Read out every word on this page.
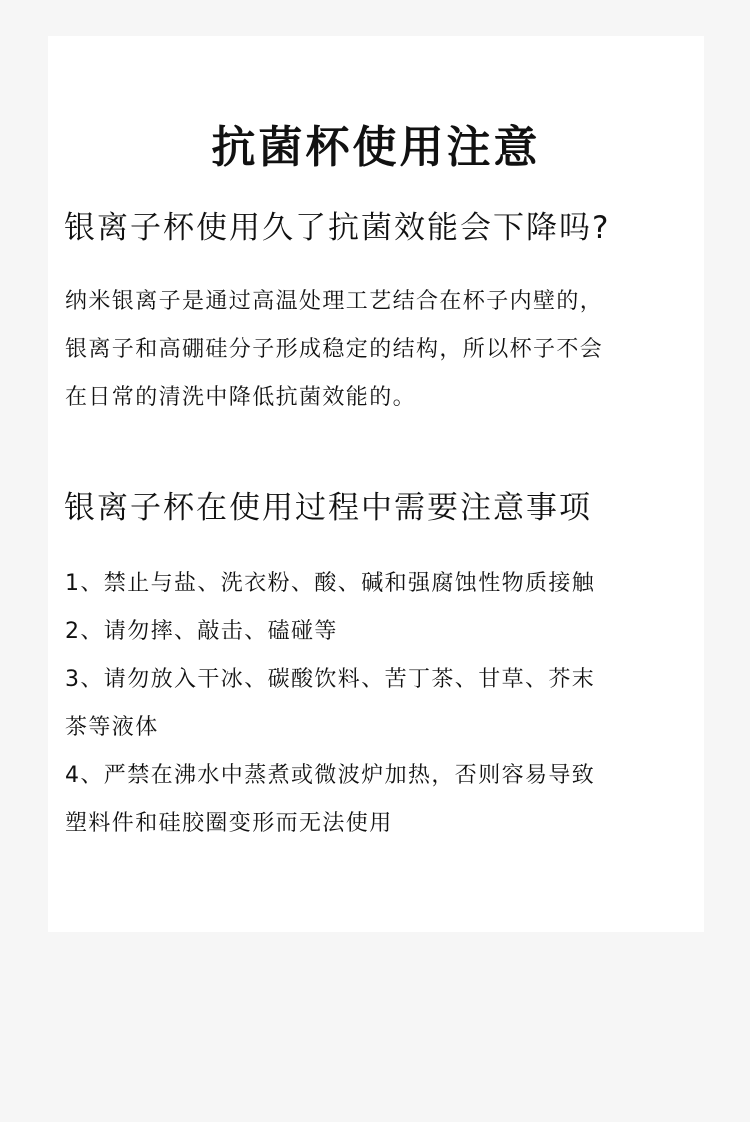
抗菌杯使用注意
银离子杯使用久了抗菌效能会下降吗?

纳米银离子是通过高温处理工艺结合在杯子内壁的，
银离子和高硼硅分子形成稳定的结构，所以杯子不会
在日常的清洗中降低抗菌效能的。

银离子杯在使用过程中需要注意事项
1、禁止与盐、洗衣粉、酸、碱和强腐蚀性物质接触
2、请勿摔、敲击、磕碰等
3、请勿放入干冰、碳酸饮料、苦丁茶、甘草、芥末
茶等液体
4、严禁在沸水中蒸煮或微波炉加热，否则容易导致
塑料件和硅胶圈变形而无法使用
